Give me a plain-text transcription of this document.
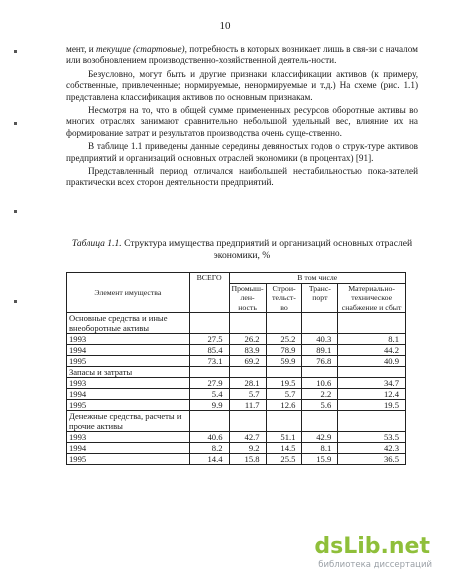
10

мент, и текущие (стартовые), потребность в которых возникает лишь в свя-зи с началом или возобновлением производственно-хозяйственной деятель-ности.

Безусловно, могут быть и другие признаки классификации активов (к примеру, собственные, привлеченные; нормируемые, ненормируемые и т.д.) На схеме (рис. 1.1) представлена классификация активов по основным признакам.

Несмотря на то, что в общей сумме примененных ресурсов оборотные активы во многих отраслях занимают сравнительно небольшой удельный вес, влияние их на формирование затрат и результатов производства очень суще-ственно.

В таблице 1.1 приведены данные середины девяностых годов о струк-туре активов предприятий и организаций основных отраслей экономики (в процентах) [91].

Представленный период отличался наибольшей нестабильностью пока-зателей практически всех сторон деятельности предприятий.

Таблица 1.1. Структура имущества предприятий и организаций основных отраслей экономики, %
Элемент имущества	ВСЕГО	В том числе			
		Промыш-лен-ность	Строи-тельст-во	Транс-порт	Материально-техническое снабжение и сбыт
Основные средства и иные внеоборотные активы					
1993	27.5	26.2	25.2	40.3	8.1
1994	85.4	83.9	78.9	89.1	44.2
1995	73.1	69.2	59.9	76.8	40.9
Запасы и затраты					
1993	27.9	28.1	19.5	10.6	34.7
1994	5.4	5.7	5.7	2.2	12.4
1995	9.9	11.7	12.6	5.6	19.5
Денежные средства, расчеты и прочие активы					
1993	40.6	42.7	51.1	42.9	53.5
1994	8.2	9.2	14.5	8.1	42.3
1995	14.4	15.8	25.5	15.9	36.5
dsLib.net
библиотека диссертаций
